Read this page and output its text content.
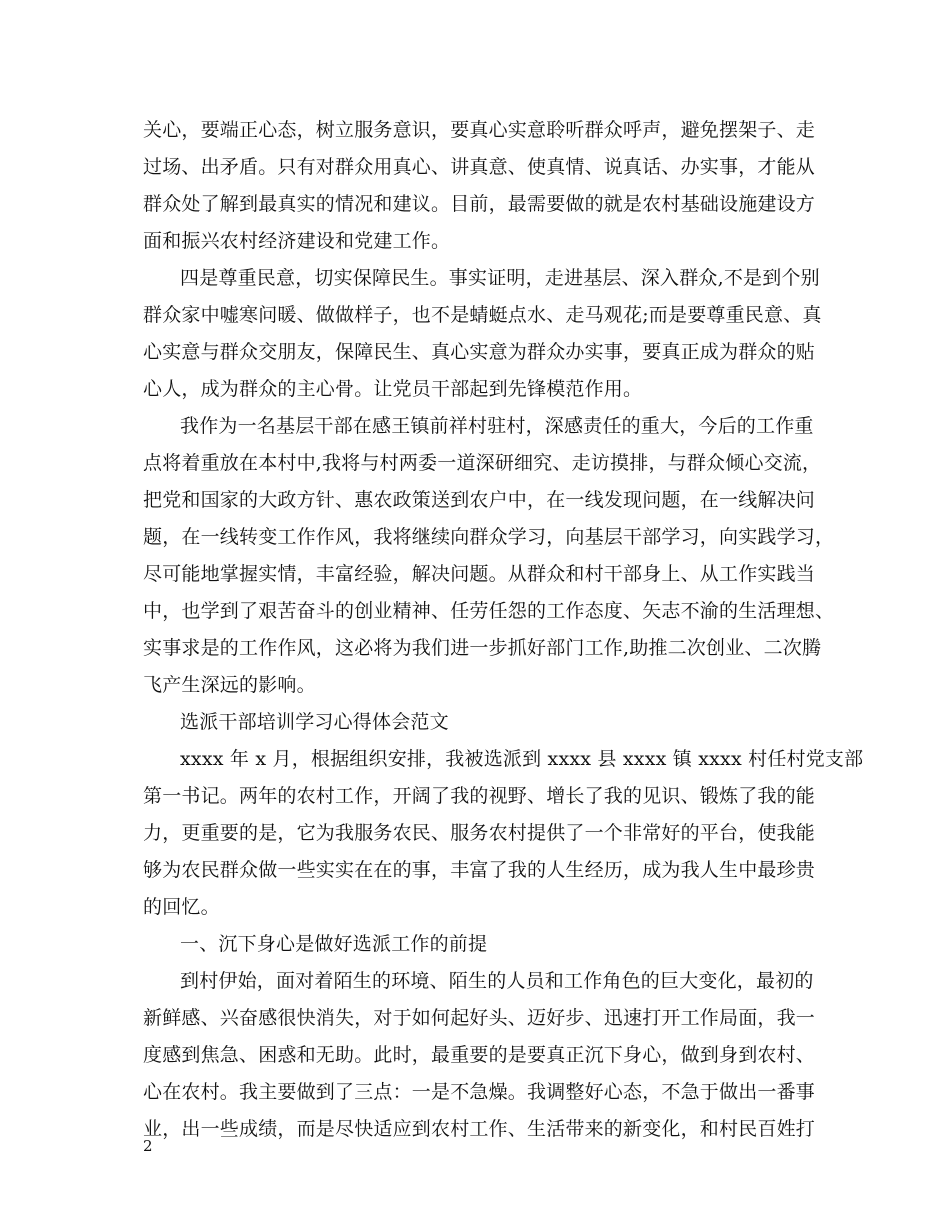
关心，要端正心态，树立服务意识，要真心实意聆听群众呼声，避免摆架子、走
过场、出矛盾。只有对群众用真心、讲真意、使真情、说真话、办实事，才能从
群众处了解到最真实的情况和建议。目前，最需要做的就是农村基础设施建设方
面和振兴农村经济建设和党建工作。
四是尊重民意，切实保障民生。事实证明，走进基层、深入群众,不是到个别
群众家中嘘寒问暖、做做样子，也不是蜻蜓点水、走马观花;而是要尊重民意、真
心实意与群众交朋友，保障民生、真心实意为群众办实事，要真正成为群众的贴
心人，成为群众的主心骨。让党员干部起到先锋模范作用。
我作为一名基层干部在感王镇前祥村驻村，深感责任的重大，今后的工作重
点将着重放在本村中,我将与村两委一道深研细究、走访摸排，与群众倾心交流，
把党和国家的大政方针、惠农政策送到农户中，在一线发现问题，在一线解决问
题，在一线转变工作作风，我将继续向群众学习，向基层干部学习，向实践学习，
尽可能地掌握实情，丰富经验，解决问题。从群众和村干部身上、从工作实践当
中，也学到了艰苦奋斗的创业精神、任劳任怨的工作态度、矢志不渝的生活理想、
实事求是的工作作风，这必将为我们进一步抓好部门工作,助推二次创业、二次腾
飞产生深远的影响。
选派干部培训学习心得体会范文
xxxx 年 x 月，根据组织安排，我被选派到 xxxx 县 xxxx 镇 xxxx 村任村党支部
第一书记。两年的农村工作，开阔了我的视野、增长了我的见识、锻炼了我的能
力，更重要的是，它为我服务农民、服务农村提供了一个非常好的平台，使我能
够为农民群众做一些实实在在的事，丰富了我的人生经历，成为我人生中最珍贵
的回忆。
一、沉下身心是做好选派工作的前提
到村伊始，面对着陌生的环境、陌生的人员和工作角色的巨大变化，最初的
新鲜感、兴奋感很快消失，对于如何起好头、迈好步、迅速打开工作局面，我一
度感到焦急、困惑和无助。此时，最重要的是要真正沉下身心，做到身到农村、
心在农村。我主要做到了三点：一是不急燥。我调整好心态，不急于做出一番事
业，出一些成绩，而是尽快适应到农村工作、生活带来的新变化，和村民百姓打
2
